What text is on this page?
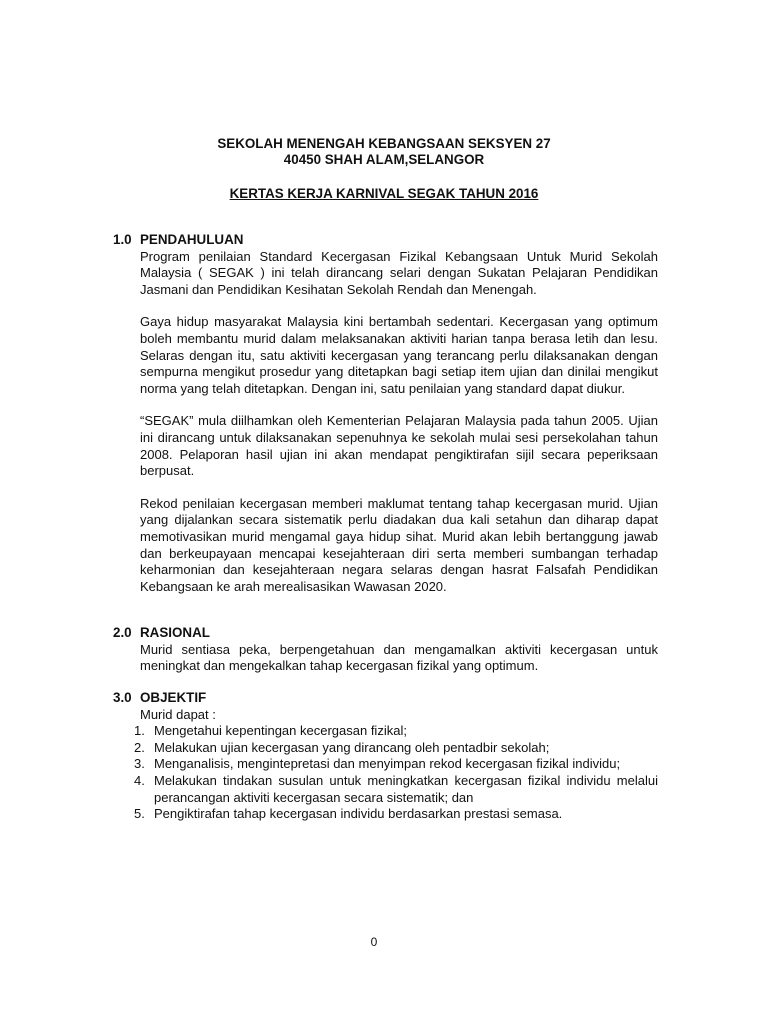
SEKOLAH MENENGAH KEBANGSAAN SEKSYEN 27
40450 SHAH ALAM,SELANGOR
KERTAS KERJA KARNIVAL SEGAK TAHUN 2016
1.0 PENDAHULUAN
Program penilaian Standard Kecergasan Fizikal Kebangsaan Untuk Murid Sekolah Malaysia ( SEGAK ) ini telah dirancang selari dengan Sukatan Pelajaran Pendidikan Jasmani dan Pendidikan Kesihatan Sekolah Rendah dan Menengah.
Gaya hidup masyarakat Malaysia kini bertambah sedentari. Kecergasan yang optimum boleh membantu murid dalam melaksanakan aktiviti harian tanpa berasa letih dan lesu. Selaras dengan itu, satu aktiviti kecergasan yang terancang perlu dilaksanakan dengan sempurna mengikut prosedur yang ditetapkan bagi setiap item ujian dan dinilai mengikut norma yang telah ditetapkan. Dengan ini, satu penilaian yang standard dapat diukur.
“SEGAK” mula diilhamkan oleh Kementerian Pelajaran Malaysia pada tahun 2005. Ujian ini dirancang untuk dilaksanakan sepenuhnya ke sekolah mulai sesi persekolahan tahun 2008. Pelaporan hasil ujian ini akan mendapat pengiktirafan sijil secara peperiksaan berpusat.
Rekod penilaian kecergasan memberi maklumat tentang tahap kecergasan murid. Ujian yang dijalankan secara sistematik perlu diadakan dua kali setahun dan diharap dapat memotivasikan murid mengamal gaya hidup sihat. Murid akan lebih bertanggung jawab dan berkeupayaan mencapai kesejahteraan diri serta memberi sumbangan terhadap keharmonian dan kesejahteraan negara selaras dengan hasrat Falsafah Pendidikan Kebangsaan ke arah merealisasikan Wawasan 2020.
2.0 RASIONAL
Murid sentiasa peka, berpengetahuan dan mengamalkan aktiviti kecergasan untuk meningkat dan mengekalkan tahap kecergasan fizikal yang optimum.
3.0 OBJEKTIF
Murid dapat :
1. Mengetahui kepentingan kecergasan fizikal;
2. Melakukan ujian kecergasan yang dirancang oleh pentadbir sekolah;
3. Menganalisis, mengintepretasi dan menyimpan rekod kecergasan fizikal individu;
4. Melakukan tindakan susulan untuk meningkatkan kecergasan fizikal individu melalui perancangan aktiviti kecergasan secara sistematik; dan
5. Pengiktirafan tahap kecergasan individu berdasarkan prestasi semasa.
0
